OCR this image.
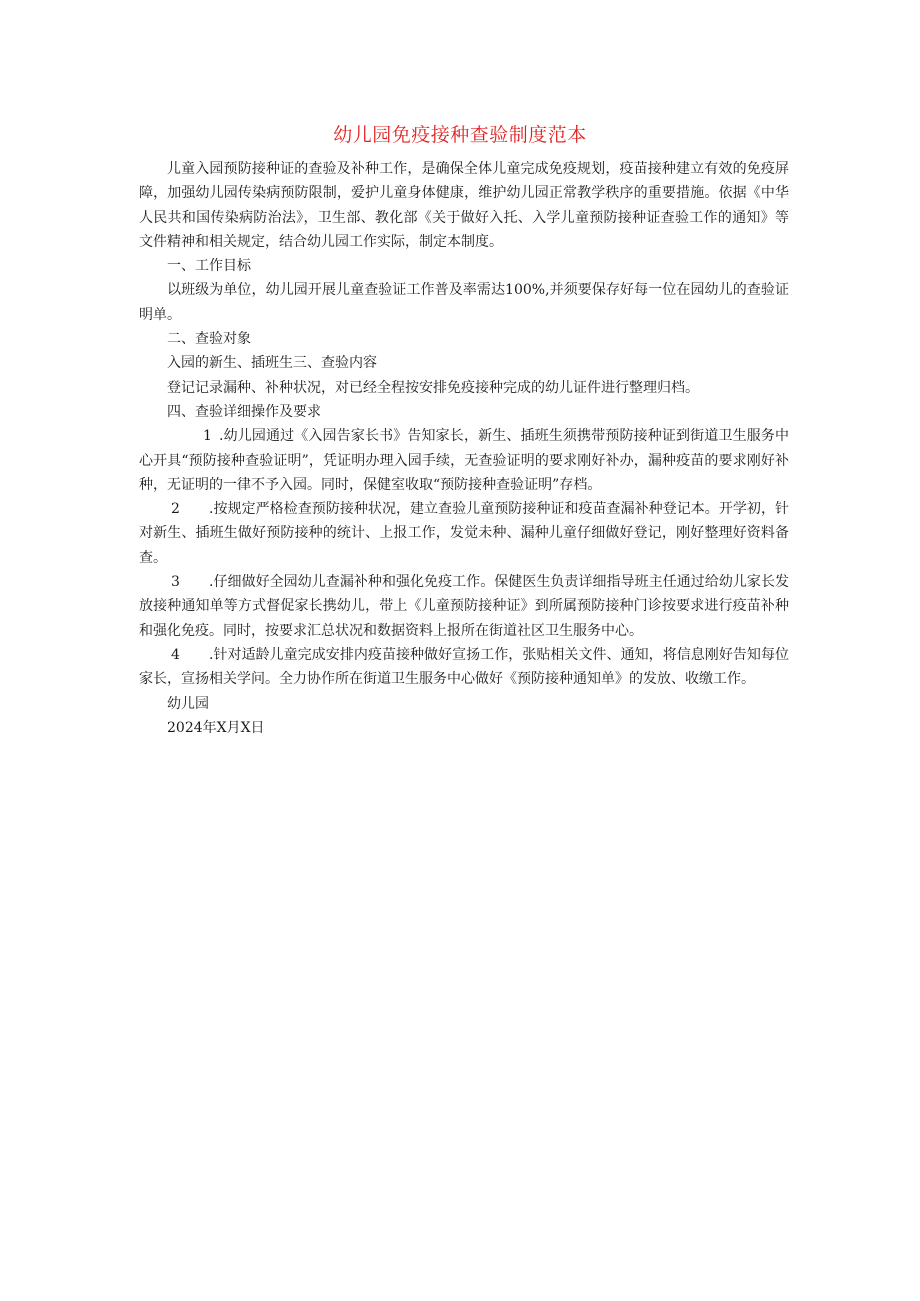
幼儿园免疫接种查验制度范本

儿童入园预防接种证的查验及补种工作，是确保全体儿童完成免疫规划，疫苗接种建立有效的免疫屏障，加强幼儿园传染病预防限制，爱护儿童身体健康，维护幼儿园正常教学秩序的重要措施。依据《中华人民共和国传染病防治法》，卫生部、教化部《关于做好入托、入学儿童预防接种证查验工作的通知》等文件精神和相关规定，结合幼儿园工作实际，制定本制度。

一、工作目标

以班级为单位，幼儿园开展儿童查验证工作普及率需达100%,并须要保存好每一位在园幼儿的查验证明单。

二、查验对象

入园的新生、插班生三、查验内容

登记记录漏种、补种状况，对已经全程按安排免疫接种完成的幼儿证件进行整理归档。

四、查验详细操作及要求

1 .幼儿园通过《入园告家长书》告知家长，新生、插班生须携带预防接种证到街道卫生服务中心开具“预防接种查验证明”，凭证明办理入园手续，无查验证明的要求刚好补办，漏种疫苗的要求刚好补种，无证明的一律不予入园。同时，保健室收取“预防接种查验证明”存档。

2 .按规定严格检查预防接种状况，建立查验儿童预防接种证和疫苗查漏补种登记本。开学初，针对新生、插班生做好预防接种的统计、上报工作，发觉未种、漏种儿童仔细做好登记，刚好整理好资料备查。

3 .仔细做好全园幼儿查漏补种和强化免疫工作。保健医生负责详细指导班主任通过给幼儿家长发放接种通知单等方式督促家长携幼儿，带上《儿童预防接种证》到所属预防接种门诊按要求进行疫苗补种和强化免疫。同时，按要求汇总状况和数据资料上报所在街道社区卫生服务中心。

4 .针对适龄儿童完成安排内疫苗接种做好宣扬工作，张贴相关文件、通知，将信息刚好告知每位家长，宣扬相关学问。全力协作所在街道卫生服务中心做好《预防接种通知单》的发放、收缴工作。

幼儿园

2024年X月X日
